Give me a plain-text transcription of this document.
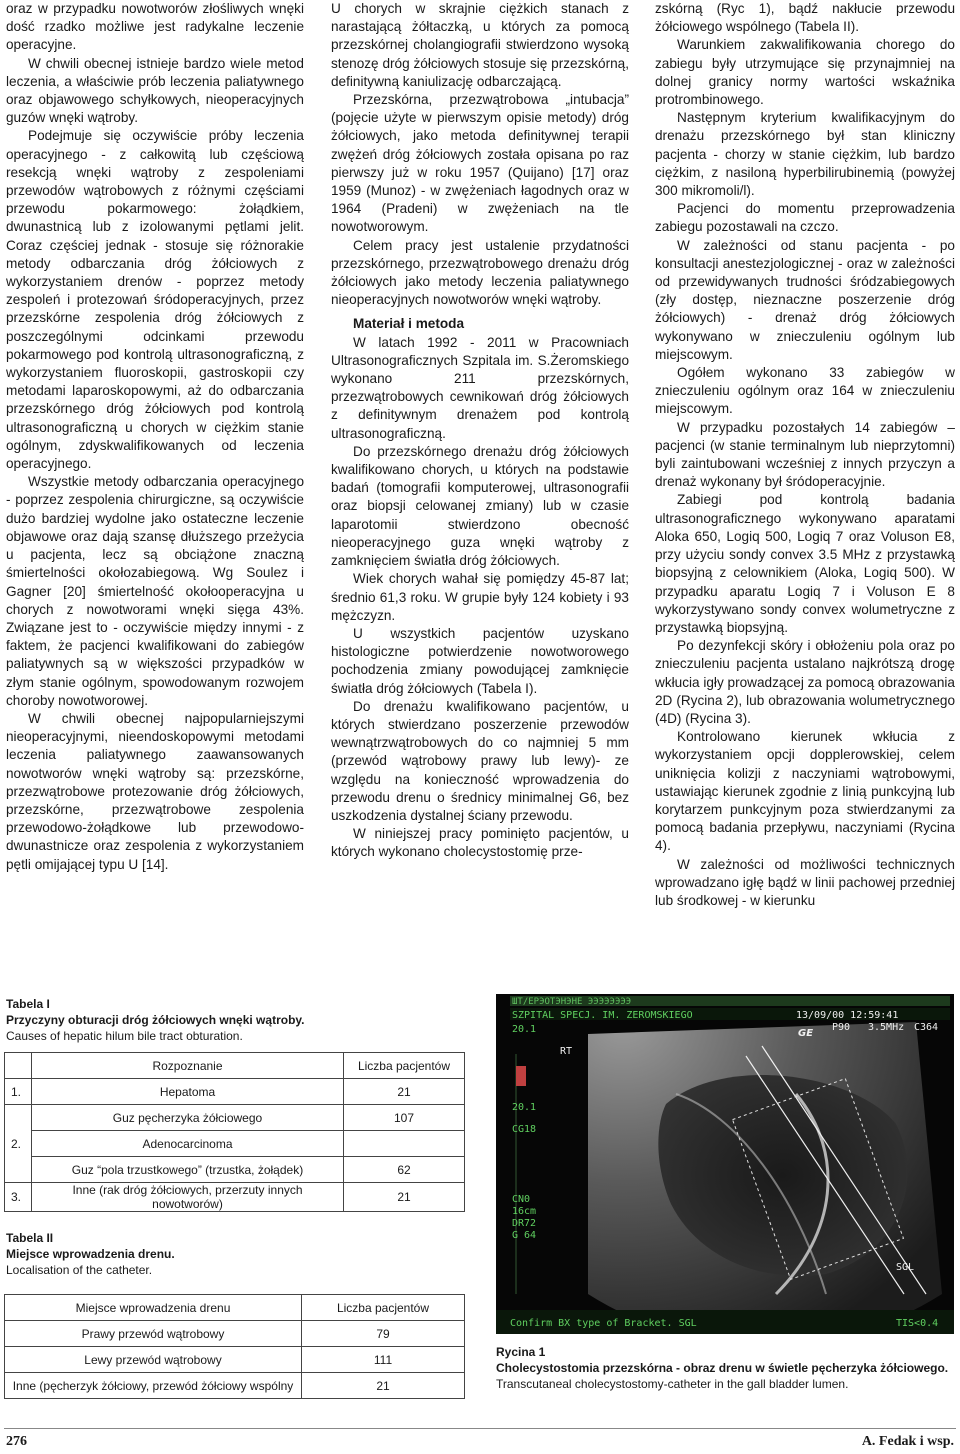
oraz w przypadku nowotworów złośliwych wnęki dość rzadko możliwe jest radykalne leczenie operacyjne.

W chwili obecnej istnieje bardzo wiele metod leczenia, a właściwie prób leczenia paliatywnego oraz objawowego schyłkowych, nieoperacyjnych guzów wnęki wątroby.

Podejmuje się oczywiście próby leczenia operacyjnego - z całkowitą lub częściową resekcją wnęki wątroby z zespoleniami przewodów wątrobowych z różnymi częściami przewodu pokarmowego: żołądkiem, dwunastnicą lub z izolowanymi pętlami jelit. Coraz częściej jednak - stosuje się różnorakie metody odbarczania dróg żółciowych z wykorzystaniem drenów - poprzez metody zespoleń i protezowań śródoperacyjnych, przez przezskórne zespolenia dróg żółciowych z poszczególnymi odcinkami przewodu pokarmowego pod kontrolą ultrasonograficzną, z wykorzystaniem fluoroskopii, gastroskopii czy metodami laparoskopowymi, aż do odbarczania przezskórnego dróg żółciowych pod kontrolą ultrasonograficzną u chorych w ciężkim stanie ogólnym, zdyskwalifikowanych od leczenia operacyjnego.

Wszystkie metody odbarczania operacyjnego - poprzez zespolenia chirurgiczne, są oczywiście dużo bardziej wydolne jako ostateczne leczenie objawowe oraz dają szansę dłuższego przeżycia u pacjenta, lecz są obciążone znaczną śmiertelności okołozabiegową. Wg Soulez i Gagner [20] śmiertelność okołooperacyjna u chorych z nowotworami wnęki sięga 43%. Związane jest to - oczywiście między innymi - z faktem, że pacjenci kwalifikowani do zabiegów paliatywnych są w większości przypadków w złym stanie ogólnym, spowodowanym rozwojem choroby nowotworowej.

W chwili obecnej najpopularniejszymi nieoperacyjnymi, nieendoskopowymi metodami leczenia paliatywnego zaawansowanych nowotworów wnęki wątroby są: przezskórne, przezwątrobowe protezowanie dróg żółciowych, przezskórne, przezwątrobowe zespolenia przewodowo-żołądkowe lub przewodowo-dwunastnicze oraz zespolenia z wykorzystaniem pętli omijającej typu U [14].

U chorych w skrajnie ciężkich stanach z narastającą żółtaczką, u których za pomocą przezskórnej cholangiografii stwierdzono wysoką stenozę dróg żółciowych stosuje się przezskórną, definitywną kaniulizację odbarczającą.

Przezskórna, przezwątrobowa „intubacja” (pojęcie użyte w pierwszym opisie metody) dróg żółciowych, jako metoda definitywnej terapii zwężeń dróg żółciowych została opisana po raz pierwszy już w roku 1957 (Quijano) [17] oraz 1959 (Munoz) - w zwężeniach łagodnych oraz w 1964 (Pradeni) w zwężeniach na tle nowotworowym.

Celem pracy jest ustalenie przydatności przezskórnego, przezwątrobowego drenażu dróg żółciowych jako metody leczenia paliatywnego nieoperacyjnych nowotworów wnęki wątroby.

Materiał i metoda

W latach 1992 - 2011 w Pracowniach Ultrasonograficznych Szpitala im. S.Żeromskiego wykonano 211 przezskórnych, przezwątrobowych cewnikowań dróg żółciowych z definitywnym drenażem pod kontrolą ultrasonograficzną.

Do przezskórnego drenażu dróg żółciowych kwalifikowano chorych, u których na podstawie badań (tomografii komputerowej, ultrasonografii oraz biopsji celowanej zmiany) lub w czasie laparotomii stwierdzono obecność nieoperacyjnego guza wnęki wątroby z zamknięciem światła dróg żółciowych.

Wiek chorych wahał się pomiędzy 45-87 lat; średnio 61,3 roku. W grupie były 124 kobiety i 93 mężczyzn.

U wszystkich pacjentów uzyskano histologiczne potwierdzenie nowotworowego pochodzenia zmiany powodującej zamknięcie światła dróg żółciowych (Tabela I).

Do drenażu kwalifikowano pacjentów, u których stwierdzano poszerzenie przewodów wewnątrzwątrobowych do co najmniej 5 mm (przewód wątrobowy prawy lub lewy)- ze względu na konieczność wprowadzenia do przewodu drenu o średnicy minimalnej G6, bez uszkodzenia dystalnej ściany przewodu.

W niniejszej pracy pominięto pacjentów, u których wykonano cholecystostomię prze-

zskórną (Ryc 1), bądź nakłucie przewodu żółciowego wspólnego (Tabela II).

Warunkiem zakwalifikowania chorego do zabiegu były utrzymujące się przynajmniej na dolnej granicy normy wartości wskaźnika protrombinowego.

Następnym kryterium kwalifikacyjnym do drenażu przezskórnego był stan kliniczny pacjenta - chorzy w stanie ciężkim, lub bardzo ciężkim, z nasiloną hyperbilirubinemią (powyżej 300 mikromoli/l).

Pacjenci do momentu przeprowadzenia zabiegu pozostawali na czczo.

W zależności od stanu pacjenta - po konsultacji anestezjologicznej - oraz w zależności od przewidywanych trudności śródzabiegowych (zły dostęp, nieznaczne poszerzenie dróg żółciowych) - drenaż dróg żółciowych wykonywano w znieczuleniu ogólnym lub miejscowym.

Ogółem wykonano 33 zabiegów w znieczuleniu ogólnym oraz 164 w znieczuleniu miejscowym.

W przypadku pozostałych 14 zabiegów – pacjenci (w stanie terminalnym lub nieprzytomni) byli zaintubowani wcześniej z innych przyczyn a drenaż wykonany był śródoperacyjnie.

Zabiegi pod kontrolą badania ultrasonograficznego wykonywano aparatami Aloka 650, Logiq 500, Logiq 7 oraz Voluson E8, przy użyciu sondy convex 3.5 MHz z przystawką biopsyjną z celownikiem (Aloka, Logiq 500). W przypadku aparatu Logiq 7 i Voluson E 8 wykorzystywano sondy convex wolumetryczne z przystawką biopsyjną.

Po dezynfekcji skóry i obłożeniu pola oraz po znieczuleniu pacjenta ustalano najkrótszą drogę wkłucia igły prowadzącej za pomocą obrazowania 2D (Rycina 2), lub obrazowania wolumetrycznego (4D) (Rycina 3).

Kontrolowano kierunek wkłucia z wykorzystaniem opcji dopplerowskiej, celem uniknięcia kolizji z naczyniami wątrobowymi, ustawiając kierunek zgodnie z linią punkcyjną lub korytarzem punkcyjnym poza stwierdzanymi za pomocą badania przepływu, naczyniami (Rycina 4).

W zależności od możliwości technicznych wprowadzano igłę bądź w linii pachowej przedniej lub środkowej - w kierunku

Tabela I
Przyczyny obturacji dróg żółciowych wnęki wątroby.
Causes of hepatic hilum bile tract obturation.
	Rozpoznanie	Liczba pacjentów
1.	Hepatoma	21
2.	Guz pęcherzyka żółciowego	107
	Adenocarcinoma	
	Guz “pola trzustkowego” (trzustka, żołądek)	62
3.	Inne (rak dróg żółciowych, przerzuty innych nowotworów)	21
Tabela II
Miejsce wprowadzenia drenu.
Localisation of the catheter.
Miejsce wprowadzenia drenu	Liczba pacjentów
Prawy przewód wątrobowy	79
Lewy przewód wątrobowy	111
Inne (pęcherzyk żółciowy, przewód żółciowy wspólny	21
ШТ/ЕРЭОТЭНЭНЕ ЭЭЭЭЭЭЭЭ
SZPITAL SPECJ. IM. ZEROMSKIEGO	13/09/00 12:59:41
P90 3.5MHz C364
20.1
20.1
CG18
RT
GE
CN0
16cm
DR72
G 64
SGL
Confirm BX type of Bracket. SGL	TIS<0.4
Rycina 1
Cholecystostomia przezskórna - obraz drenu w świetle pęcherzyka żółciowego.
Transcutaneal cholecystostomy-catheter in the gall bladder lumen.
276	A. Fedak i wsp.
